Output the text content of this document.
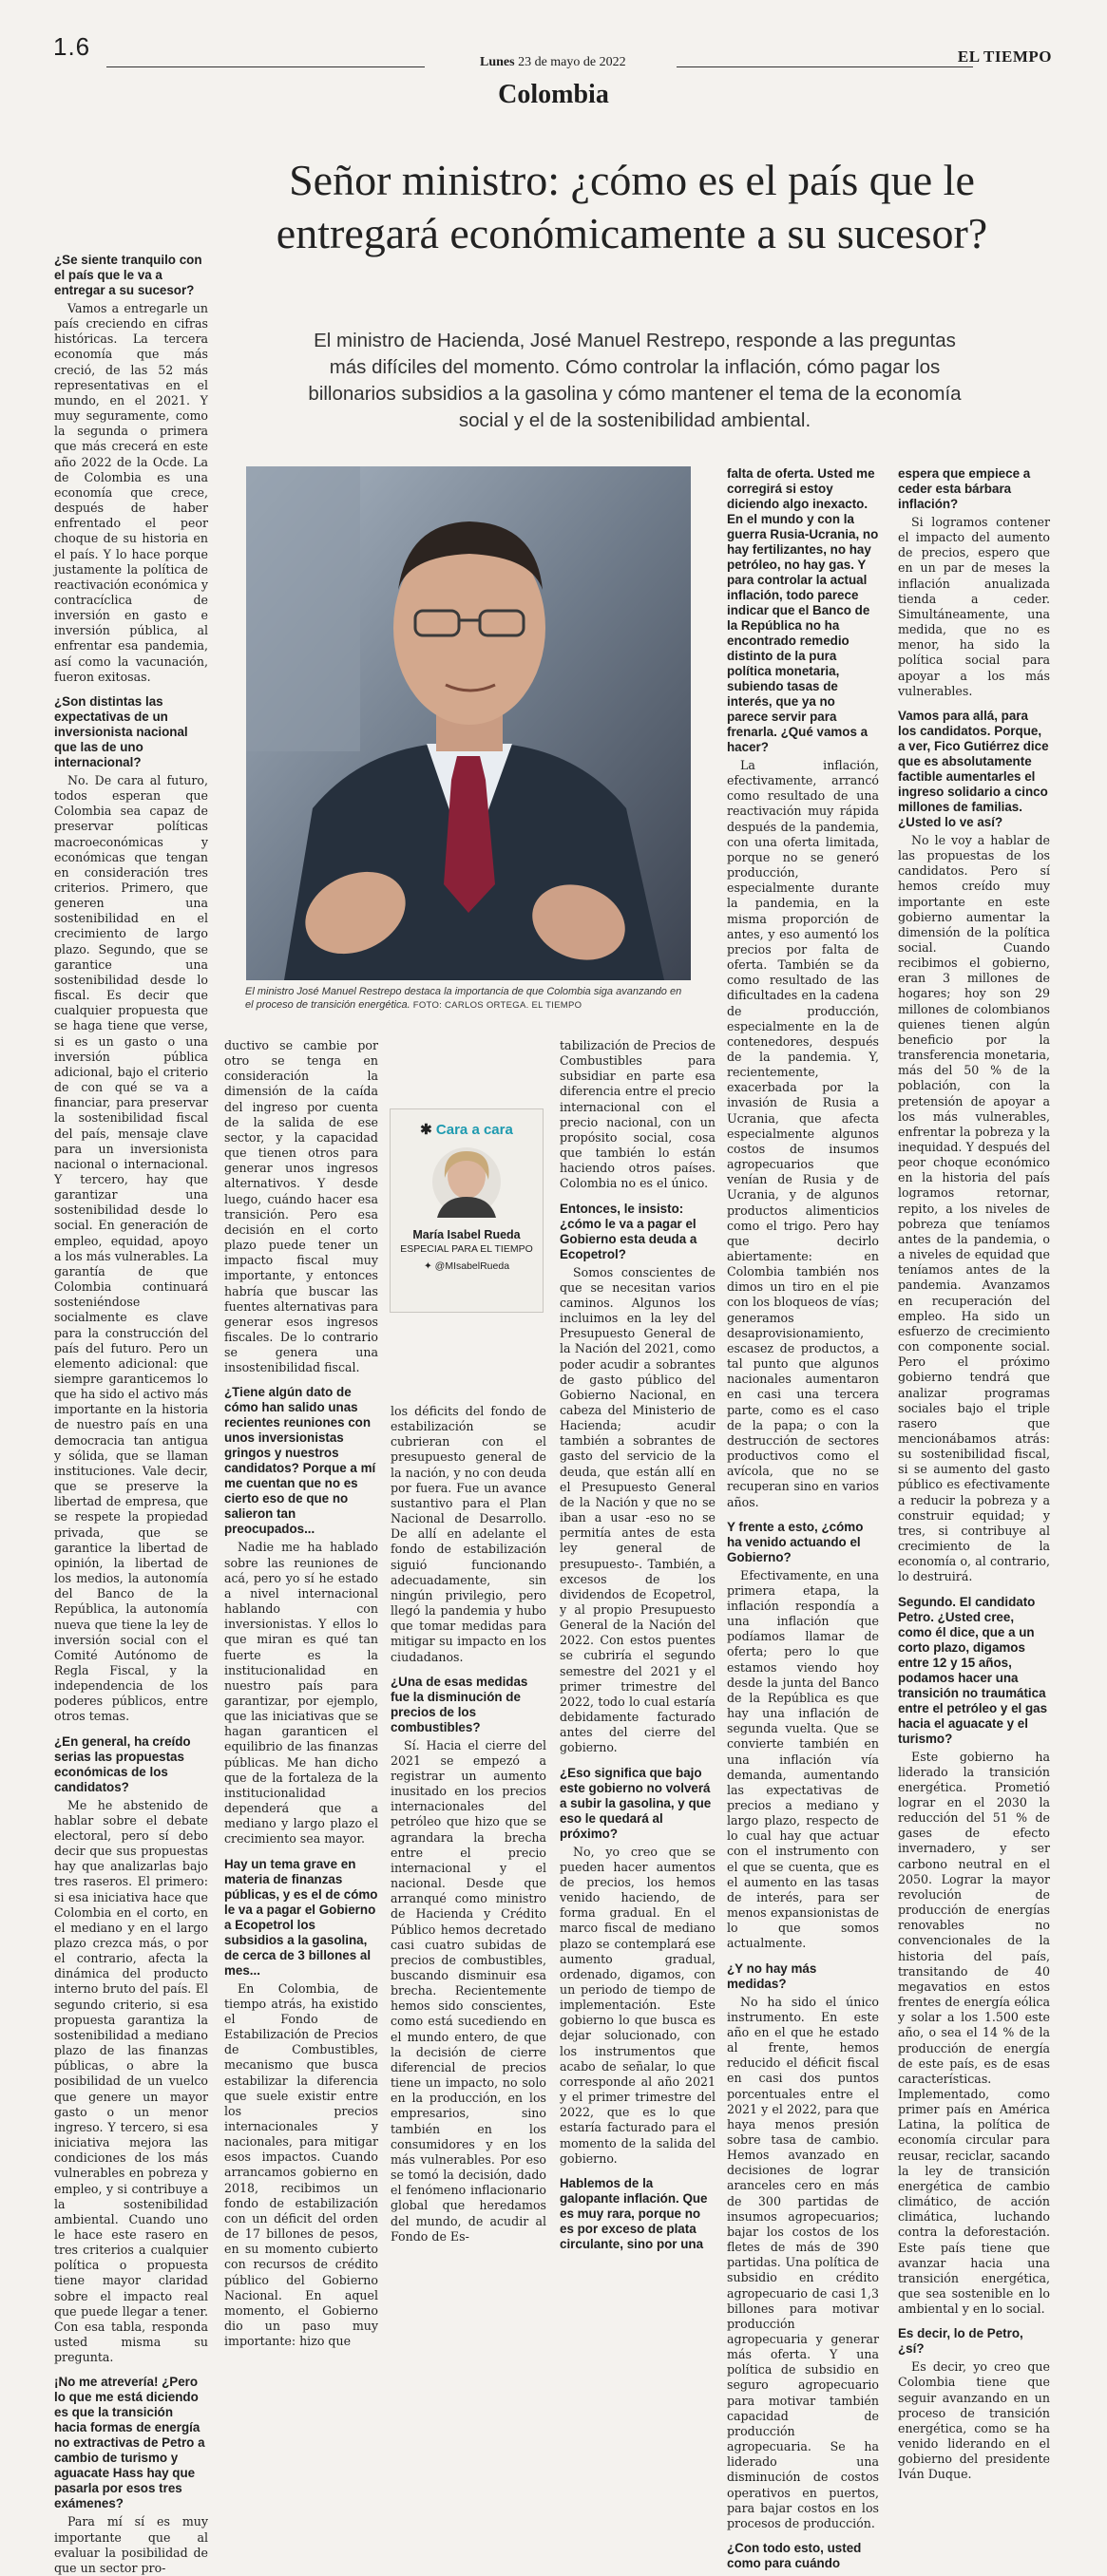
1.6
Lunes 23 de mayo de 2022	EL TIEMPO
Colombia
Señor ministro: ¿cómo es el país que le entregará económicamente a su sucesor?
El ministro de Hacienda, José Manuel Restrepo, responde a las preguntas más difíciles del momento. Cómo controlar la inflación, cómo pagar los billonarios subsidios a la gasolina y cómo mantener el tema de la economía social y el de la sostenibilidad ambiental.
El ministro José Manuel Restrepo destaca la importancia de que Colombia siga avanzando en el proceso de transición energética. FOTO: CARLOS ORTEGA. EL TIEMPO
✱ Cara a cara
María Isabel Rueda
ESPECIAL PARA EL TIEMPO
✦ @MIsabelRueda

¿Se siente tranquilo con el país que le va a entregar a su sucesor?

Vamos a entregarle un país creciendo en cifras históricas. La tercera economía que más creció, de las 52 más representativas en el mundo, en el 2021. Y muy seguramente, como la segunda o primera que más crecerá en este año 2022 de la Ocde. La de Colombia es una economía que crece, después de haber enfrentado el peor choque de su historia en el país. Y lo hace porque justamente la política de reactivación económica y contracíclica de inversión en gasto e inversión pública, al enfrentar esa pandemia, así como la vacunación, fueron exitosas.

¿Son distintas las expectativas de un inversionista nacional que las de uno internacional?

No. De cara al futuro, todos esperan que Colombia sea capaz de preservar políticas macroeconómicas y económicas que tengan en consideración tres criterios. Primero, que generen una sostenibilidad en el crecimiento de largo plazo. Segundo, que se garantice una sostenibilidad desde lo fiscal. Es decir que cualquier propuesta que se haga tiene que verse, si es un gasto o una inversión pública adicional, bajo el criterio de con qué se va a financiar, para preservar la sostenibilidad fiscal del país, mensaje clave para un inversionista nacional o internacional. Y tercero, hay que garantizar una sostenibilidad desde lo social. En generación de empleo, equidad, apoyo a los más vulnerables. La garantía de que Colombia continuará sosteniéndose socialmente es clave para la construcción del país del futuro. Pero un elemento adicional: que siempre garanticemos lo que ha sido el activo más importante en la historia de nuestro país en una democracia tan antigua y sólida, que se llaman instituciones. Vale decir, que se preserve la libertad de empresa, que se respete la propiedad privada, que se garantice la libertad de opinión, la libertad de los medios, la autonomía del Banco de la República, la autonomía nueva que tiene la ley de inversión social con el Comité Autónomo de Regla Fiscal, y la independencia de los poderes públicos, entre otros temas.

¿En general, ha creído serias las propuestas económicas de los candidatos?

Me he abstenido de hablar sobre el debate electoral, pero sí debo decir que sus propuestas hay que analizarlas bajo tres raseros. El primero: si esa iniciativa hace que Colombia en el corto, en el mediano y en el largo plazo crezca más, o por el contrario, afecta la dinámica del producto interno bruto del país. El segundo criterio, si esa propuesta garantiza la sostenibilidad a mediano plazo de las finanzas públicas, o abre la posibilidad de un vuelco que genere un mayor gasto o un menor ingreso. Y tercero, si esa iniciativa mejora las condiciones de los más vulnerables en pobreza y empleo, y si contribuye a la sostenibilidad ambiental. Cuando uno le hace este rasero en tres criterios a cualquier política o propuesta tiene mayor claridad sobre el impacto real que puede llegar a tener. Con esa tabla, responda usted misma su pregunta.

¡No me atrevería! ¿Pero lo que me está diciendo es que la transición hacia formas de energía no extractivas de Petro a cambio de turismo y aguacate Hass hay que pasarla por esos tres exámenes?

Para mí sí es muy importante que al evaluar la posibilidad de que un sector pro-

ductivo se cambie por otro se tenga en consideración la dimensión de la caída del ingreso por cuenta de la salida de ese sector, y la capacidad que tienen otros para generar unos ingresos alternativos. Y desde luego, cuándo hacer esa transición. Pero esa decisión en el corto plazo puede tener un impacto fiscal muy importante, y entonces habría que buscar las fuentes alternativas para generar esos ingresos fiscales. De lo contrario se genera una insostenibilidad fiscal.

¿Tiene algún dato de cómo han salido unas recientes reuniones con unos inversionistas gringos y nuestros candidatos? Porque a mí me cuentan que no es cierto eso de que no salieron tan preocupados...

Nadie me ha hablado sobre las reuniones de acá, pero yo sí he estado a nivel internacional hablando con inversionistas. Y ellos lo que miran es qué tan fuerte es la institucionalidad en nuestro país para garantizar, por ejemplo, que las iniciativas que se hagan garanticen el equilibrio de las finanzas públicas. Me han dicho que de la fortaleza de la institucionalidad dependerá que a mediano y largo plazo el crecimiento sea mayor.

Hay un tema grave en materia de finanzas públicas, y es el de cómo le va a pagar el Gobierno a Ecopetrol los subsidios a la gasolina, de cerca de 3 billones al mes...

En Colombia, de tiempo atrás, ha existido el Fondo de Estabilización de Precios de Combustibles, mecanismo que busca estabilizar la diferencia que suele existir entre los precios internacionales y nacionales, para mitigar esos impactos. Cuando arrancamos gobierno en 2018, recibimos un fondo de estabilización con un déficit del orden de 17 billones de pesos, en su momento cubierto con recursos de crédito público del Gobierno Nacional. En aquel momento, el Gobierno dio un paso muy importante: hizo que

los déficits del fondo de estabilización se cubrieran con el presupuesto general de la nación, y no con deuda por fuera. Fue un avance sustantivo para el Plan Nacional de Desarrollo. De allí en adelante el fondo de estabilización siguió funcionando adecuadamente, sin ningún privilegio, pero llegó la pandemia y hubo que tomar medidas para mitigar su impacto en los ciudadanos.

¿Una de esas medidas fue la disminución de precios de los combustibles?

Sí. Hacia el cierre del 2021 se empezó a registrar un aumento inusitado en los precios internacionales del petróleo que hizo que se agrandara la brecha entre el precio internacional y el nacional. Desde que arranqué como ministro de Hacienda y Crédito Público hemos decretado casi cuatro subidas de precios de combustibles, buscando disminuir esa brecha. Recientemente hemos sido conscientes, como está sucediendo en el mundo entero, de que la decisión de cierre diferencial de precios tiene un impacto, no solo en la producción, en los empresarios, sino también en los consumidores y en los más vulnerables. Por eso se tomó la decisión, dado el fenómeno inflacionario global que heredamos del mundo, de acudir al Fondo de Es-

tabilización de Precios de Combustibles para subsidiar en parte esa diferencia entre el precio internacional con el precio nacional, con un propósito social, cosa que también lo están haciendo otros países. Colombia no es el único.

Entonces, le insisto: ¿cómo le va a pagar el Gobierno esta deuda a Ecopetrol?

Somos conscientes de que se necesitan varios caminos. Algunos los incluimos en la ley del Presupuesto General de la Nación del 2021, como poder acudir a sobrantes de gasto público del Gobierno Nacional, en cabeza del Ministerio de Hacienda; acudir también a sobrantes de gasto del servicio de la deuda, que están allí en el Presupuesto General de la Nación y que no se iban a usar -eso no se permitía antes de esta ley general de presupuesto-. También, a excesos de los dividendos de Ecopetrol, y al propio Presupuesto General de la Nación del 2022. Con estos puentes se cubriría el segundo semestre del 2021 y el primer trimestre del 2022, todo lo cual estaría debidamente facturado antes del cierre del gobierno.

¿Eso significa que bajo este gobierno no volverá a subir la gasolina, y que eso le quedará al próximo?

No, yo creo que se pueden hacer aumentos de precios, los hemos venido haciendo, de forma gradual. En el marco fiscal de mediano plazo se contemplará ese aumento gradual, ordenado, digamos, con un periodo de tiempo de implementación. Este gobierno lo que busca es dejar solucionado, con los instrumentos que acabo de señalar, lo que corresponde al año 2021 y el primer trimestre del 2022, que es lo que estaría facturado para el momento de la salida del gobierno.

Hablemos de la galopante inflación. Que es muy rara, porque no es por exceso de plata circulante, sino por una

falta de oferta. Usted me corregirá si estoy diciendo algo inexacto. En el mundo y con la guerra Rusia-Ucrania, no hay fertilizantes, no hay petróleo, no hay gas. Y para controlar la actual inflación, todo parece indicar que el Banco de la República no ha encontrado remedio distinto de la pura política monetaria, subiendo tasas de interés, que ya no parece servir para frenarla. ¿Qué vamos a hacer?

La inflación, efectivamente, arrancó como resultado de una reactivación muy rápida después de la pandemia, con una oferta limitada, porque no se generó producción, especialmente durante la pandemia, en la misma proporción de antes, y eso aumentó los precios por falta de oferta. También se da como resultado de las dificultades en la cadena de producción, especialmente en la de contenedores, después de la pandemia. Y, recientemente, exacerbada por la invasión de Rusia a Ucrania, que afecta especialmente algunos costos de insumos agropecuarios que venían de Rusia y de Ucrania, y de algunos productos alimenticios como el trigo. Pero hay que decirlo abiertamente: en Colombia también nos dimos un tiro en el pie con los bloqueos de vías; generamos desaprovisionamiento, escasez de productos, a tal punto que algunos nacionales aumentaron en casi una tercera parte, como es el caso de la papa; o con la destrucción de sectores productivos como el avícola, que no se recuperan sino en varios años.

Y frente a esto, ¿cómo ha venido actuando el Gobierno?

Efectivamente, en una primera etapa, la inflación respondía a una inflación que podíamos llamar de oferta; pero lo que estamos viendo hoy desde la junta del Banco de la República es que hay una inflación de segunda vuelta. Que se convierte también en una inflación vía demanda, aumentando las expectativas de precios a mediano y largo plazo, respecto de lo cual hay que actuar con el instrumento con el que se cuenta, que es el aumento en las tasas de interés, para ser menos expansionistas de lo que somos actualmente.

¿Y no hay más medidas?

No ha sido el único instrumento. En este año en el que he estado al frente, hemos reducido el déficit fiscal en casi dos puntos porcentuales entre el 2021 y el 2022, para que haya menos presión sobre tasa de cambio. Hemos avanzado en decisiones de lograr aranceles cero en más de 300 partidas de insumos agropecuarios; bajar los costos de los fletes de más de 390 partidas. Una política de subsidio en crédito agropecuario de casi 1,3 billones para motivar producción agropecuaria y generar más oferta. Y una política de subsidio en seguro agropecuario para motivar también capacidad de producción agropecuaria. Se ha liderado una disminución de costos operativos en puertos, para bajar costos en los procesos de producción.

¿Con todo esto, usted como para cuándo

espera que empiece a ceder esta bárbara inflación?

Si logramos contener el impacto del aumento de precios, espero que en un par de meses la inflación anualizada tienda a ceder. Simultáneamente, una medida, que no es menor, ha sido la política social para apoyar a los más vulnerables.

Vamos para allá, para los candidatos. Porque, a ver, Fico Gutiérrez dice que es absolutamente factible aumentarles el ingreso solidario a cinco millones de familias. ¿Usted lo ve así?

No le voy a hablar de las propuestas de los candidatos. Pero sí hemos creído muy importante en este gobierno aumentar la dimensión de la política social. Cuando recibimos el gobierno, eran 3 millones de hogares; hoy son 29 millones de colombianos quienes tienen algún beneficio por la transferencia monetaria, más del 50 % de la población, con la pretensión de apoyar a los más vulnerables, enfrentar la pobreza y la inequidad. Y después del peor choque económico en la historia del país logramos retornar, repito, a los niveles de pobreza que teníamos antes de la pandemia, o a niveles de equidad que teníamos antes de la pandemia. Avanzamos en recuperación del empleo. Ha sido un esfuerzo de crecimiento con componente social. Pero el próximo gobierno tendrá que analizar programas sociales bajo el triple rasero que mencionábamos atrás: su sostenibilidad fiscal, si se aumento del gasto público es efectivamente a reducir la pobreza y a construir equidad; y tres, si contribuye al crecimiento de la economía o, al contrario, lo destruirá.

Segundo. El candidato Petro. ¿Usted cree, como él dice, que a un corto plazo, digamos entre 12 y 15 años, podamos hacer una transición no traumática entre el petróleo y el gas hacia el aguacate y el turismo?

Este gobierno ha liderado la transición energética. Prometió lograr en el 2030 la reducción del 51 % de gases de efecto invernadero, y ser carbono neutral en el 2050. Lograr la mayor revolución de producción de energías renovables no convencionales de la historia del país, transitando de 40 megavatios en estos frentes de energía eólica y solar a los 1.500 este año, o sea el 14 % de la producción de energía de este país, es de esas características. Implementado, como primer país en América Latina, la política de economía circular para reusar, reciclar, sacando la ley de transición energética de cambio climático, de acción climática, luchando contra la deforestación. Este país tiene que avanzar hacia una transición energética, que sea sostenible en lo ambiental y en lo social.

Es decir, lo de Petro, ¿sí?

Es decir, yo creo que Colombia tiene que seguir avanzando en un proceso de transición energética, como se ha venido liderando en el gobierno del presidente Iván Duque.
